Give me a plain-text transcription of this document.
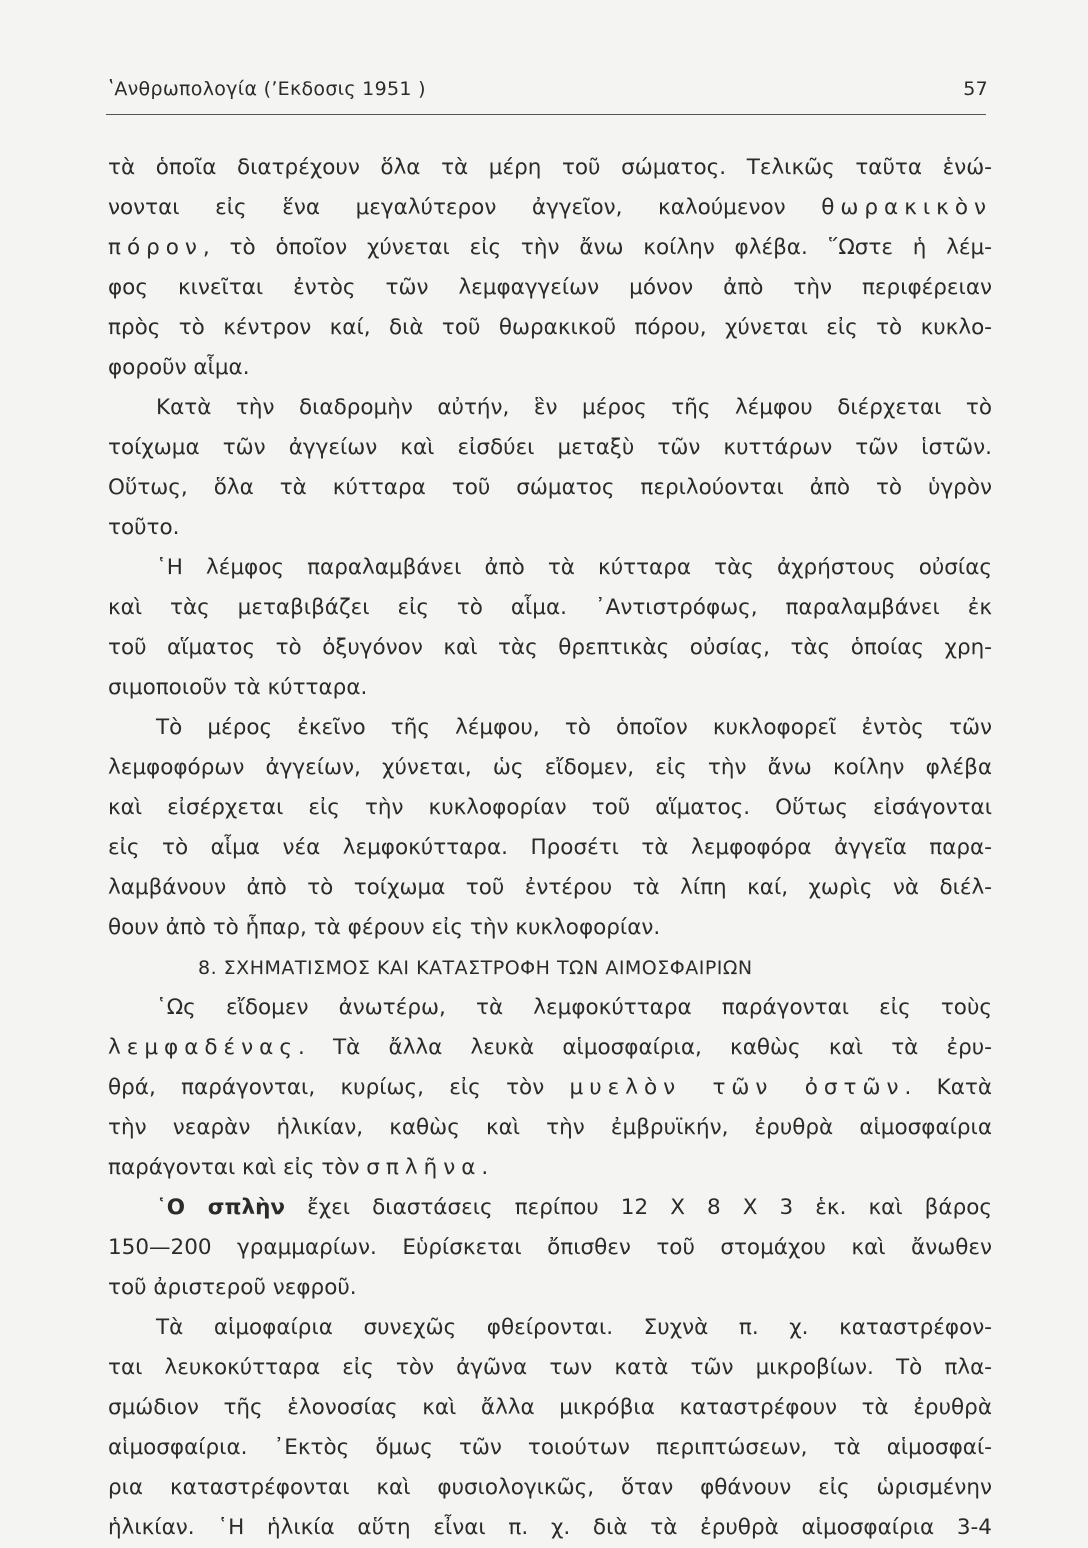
ʽΑνθρωπολογία (ʼΕκδοσις 1951 )	57
τὰ ὁποῖα διατρέχουν ὅλα τὰ μέρη τοῦ σώματος. Τελικῶς ταῦτα ἑνώ-
νονται εἰς ἕνα μεγαλύτερον ἀγγεῖον, καλούμενον θωρακικὸν
πόρον, τὸ ὁποῖον χύνεται εἰς τὴν ἄνω κοίλην φλέβα. ῞Ωστε ἡ λέμ-
φος κινεῖται ἐντὸς τῶν λεμφαγγείων μόνον ἀπὸ τὴν περιφέρειαν
πρὸς τὸ κέντρον καί, διὰ τοῦ θωρακικοῦ πόρου, χύνεται εἰς τὸ κυκλο-
φοροῦν αἷμα.
Κατὰ τὴν διαδρομὴν αὐτήν, ἓν μέρος τῆς λέμφου διέρχεται τὸ
τοίχωμα τῶν ἀγγείων καὶ εἰσδύει μεταξὺ τῶν κυττάρων τῶν ἱστῶν.
Οὕτως, ὅλα τὰ κύτταρα τοῦ σώματος περιλούονται ἀπὸ τὸ ὑγρὸν
τοῦτο.
῾Η λέμφος παραλαμβάνει ἀπὸ τὰ κύτταρα τὰς ἀχρήστους οὐσίας
καὶ τὰς μεταβιβάζει εἰς τὸ αἷμα. ᾿Αντιστρόφως, παραλαμβάνει ἐκ
τοῦ αἵματος τὸ ὀξυγόνον καὶ τὰς θρεπτικὰς οὐσίας, τὰς ὁποίας χρη-
σιμοποιοῦν τὰ κύτταρα.
Τὸ μέρος ἐκεῖνο τῆς λέμφου, τὸ ὁποῖον κυκλοφορεῖ ἐντὸς τῶν
λεμφοφόρων ἀγγείων, χύνεται, ὡς εἴδομεν, εἰς τὴν ἄνω κοίλην φλέβα
καὶ εἰσέρχεται εἰς τὴν κυκλοφορίαν τοῦ αἵματος. Οὕτως εἰσάγονται
εἰς τὸ αἷμα νέα λεμφοκύτταρα. Προσέτι τὰ λεμφοφόρα ἀγγεῖα παρα-
λαμβάνουν ἀπὸ τὸ τοίχωμα τοῦ ἐντέρου τὰ λίπη καί, χωρὶς νὰ διέλ-
θουν ἀπὸ τὸ ἧπαρ, τὰ φέρουν εἰς τὴν κυκλοφορίαν.
8. ΣΧΗΜΑΤΙΣΜΟΣ ΚΑΙ ΚΑΤΑΣΤΡΟΦΗ ΤΩΝ ΑΙΜΟΣΦΑΙΡΙΩΝ
῾Ως εἴδομεν ἀνωτέρω, τὰ λεμφοκύτταρα παράγονται εἰς τοὺς
λεμφαδένας. Τὰ ἄλλα λευκὰ αἱμοσφαίρια, καθὼς καὶ τὰ ἐρυ-
θρά, παράγονται, κυρίως, εἰς τὸν μυελὸν τῶν ὀστῶν. Κατὰ
τὴν νεαρὰν ἡλικίαν, καθὼς καὶ τὴν ἐμβρυϊκήν, ἐρυθρὰ αἱμοσφαίρια
παράγονται καὶ εἰς τὸν σπλῆνα.
῾Ο σπλὴν ἔχει διαστάσεις περίπου 12 Χ 8 Χ 3 ἑκ. καὶ βάρος
150—200 γραμμαρίων. Εὑρίσκεται ὄπισθεν τοῦ στομάχου καὶ ἄνωθεν
τοῦ ἀριστεροῦ νεφροῦ.
Τὰ αἱμοφαίρια συνεχῶς φθείρονται. Συχνὰ π. χ. καταστρέφον-
ται λευκοκύτταρα εἰς τὸν ἀγῶνα των κατὰ τῶν μικροβίων. Τὸ πλα-
σμώδιον τῆς ἑλονοσίας καὶ ἄλλα μικρόβια καταστρέφουν τὰ ἐρυθρὰ
αἱμοσφαίρια. ᾿Εκτὸς ὅμως τῶν τοιούτων περιπτώσεων, τὰ αἱμοσφαί-
ρια καταστρέφονται καὶ φυσιολογικῶς, ὅταν φθάνουν εἰς ὡρισμένην
ἡλικίαν. ῾Η ἡλικία αὕτη εἶναι π. χ. διὰ τὰ ἐρυθρὰ αἱμοσφαίρια 3-4
